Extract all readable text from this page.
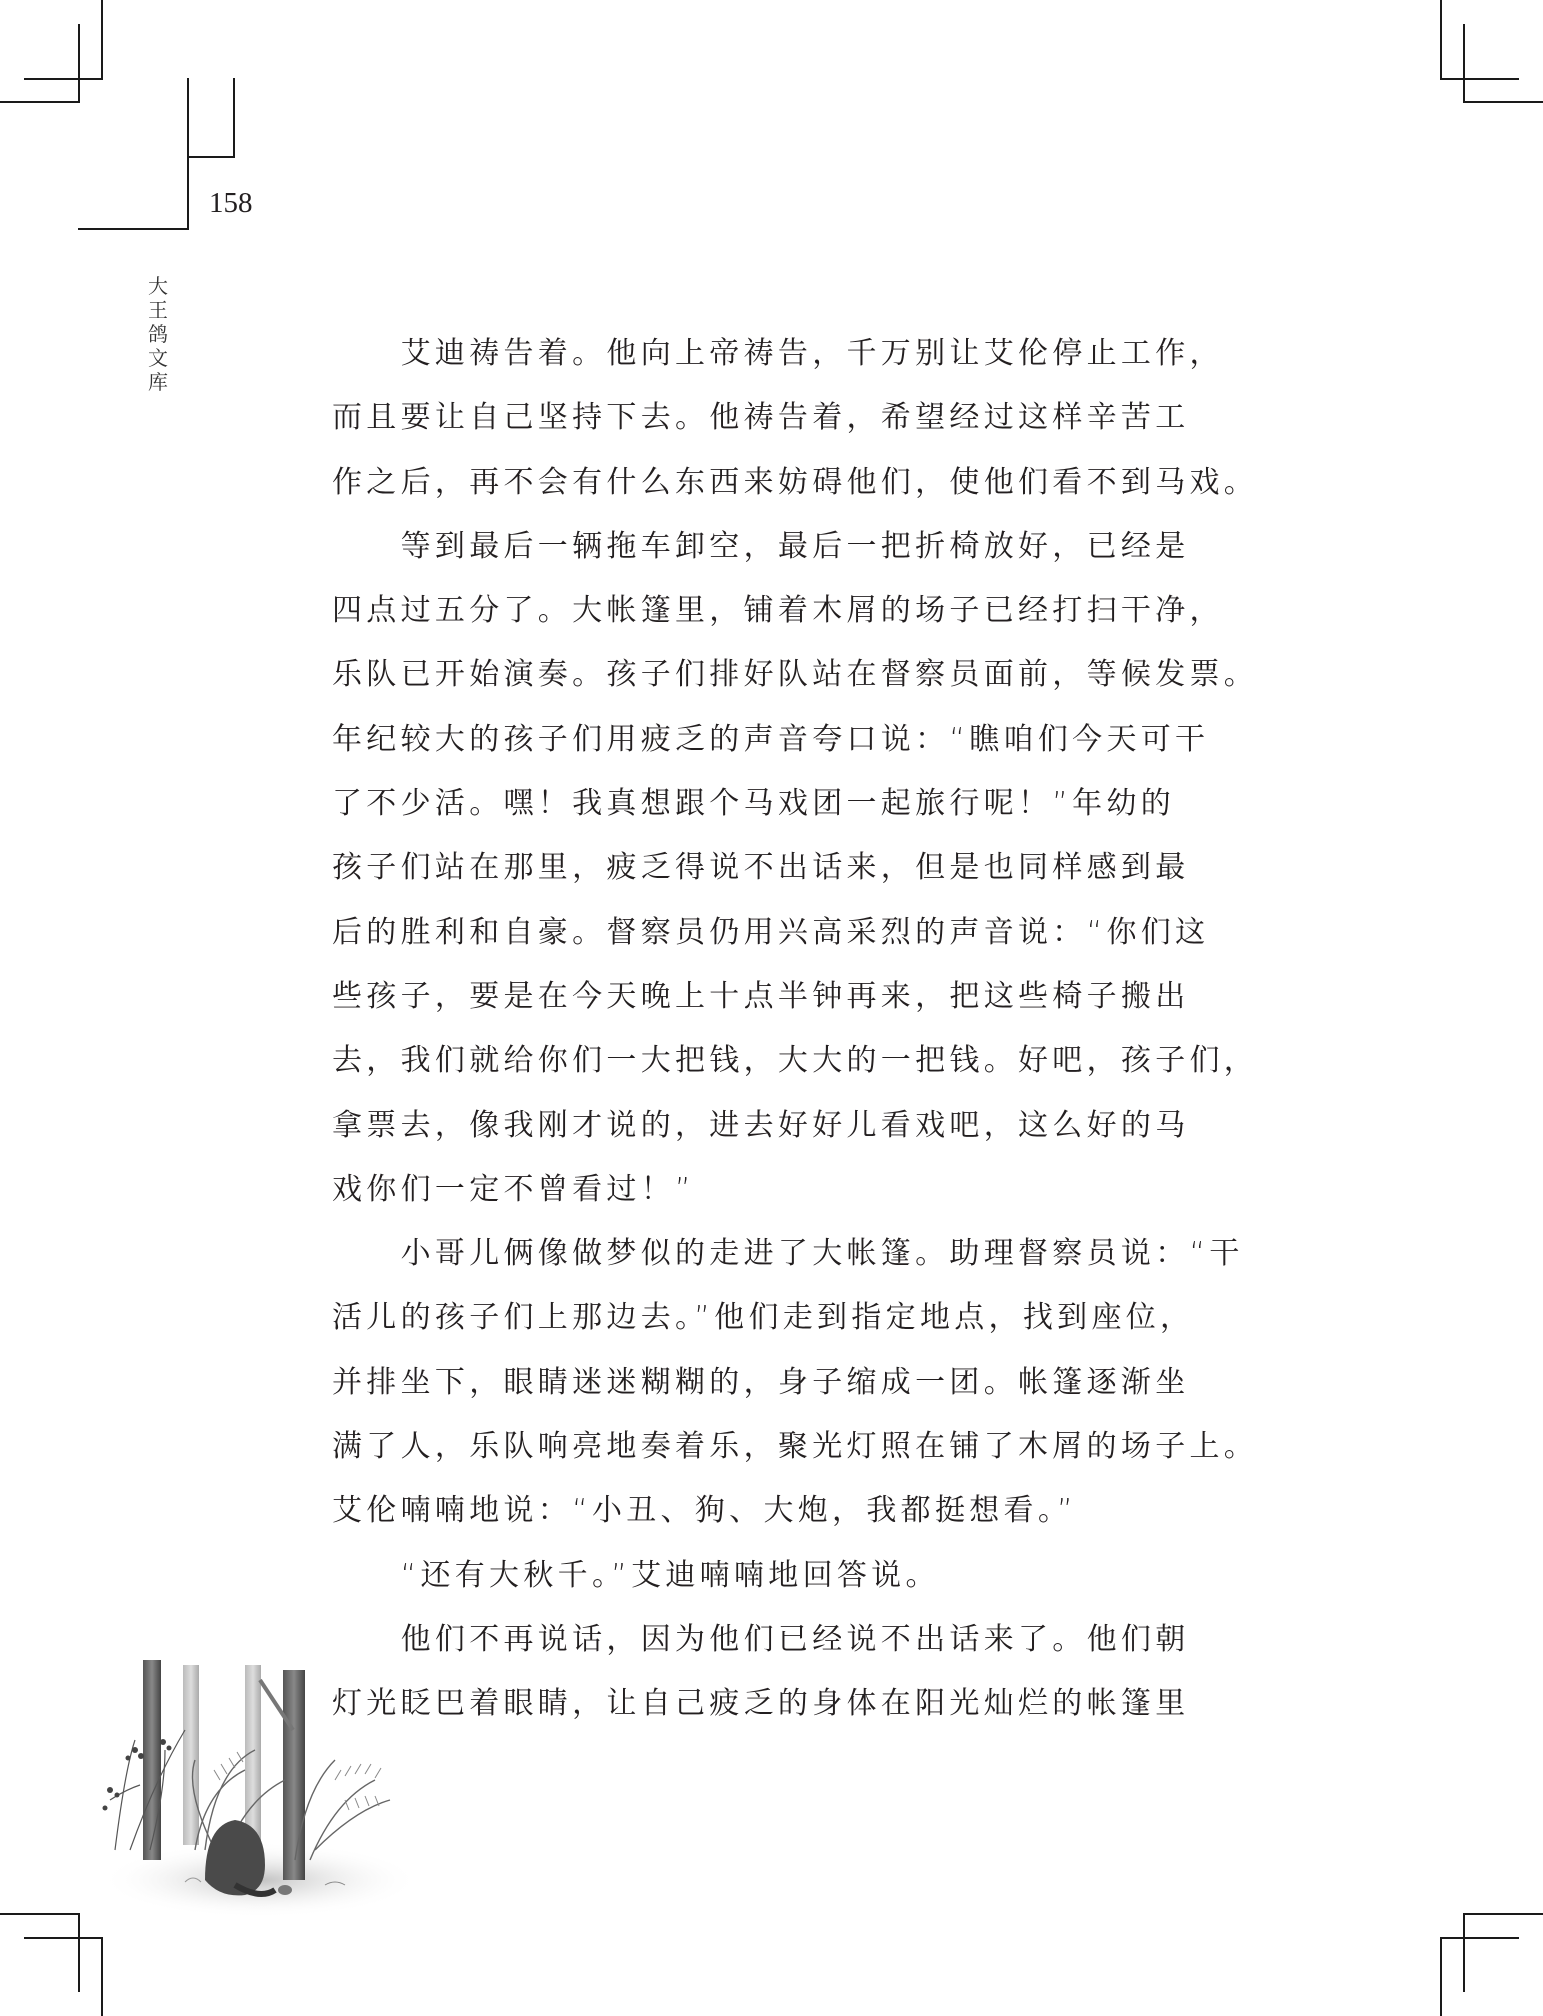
158
大
王
鸽
文
库
　　艾迪祷告着。他向上帝祷告，千万别让艾伦停止工作，
而且要让自己坚持下去。他祷告着，希望经过这样辛苦工
作之后，再不会有什么东西来妨碍他们，使他们看不到马戏。
　　等到最后一辆拖车卸空，最后一把折椅放好，已经是
四点过五分了。大帐篷里，铺着木屑的场子已经打扫干净，
乐队已开始演奏。孩子们排好队站在督察员面前，等候发票。
年纪较大的孩子们用疲乏的声音夸口说：“瞧咱们今天可干
了不少活。嘿！我真想跟个马戏团一起旅行呢！”年幼的
孩子们站在那里，疲乏得说不出话来，但是也同样感到最
后的胜利和自豪。督察员仍用兴高采烈的声音说：“你们这
些孩子，要是在今天晚上十点半钟再来，把这些椅子搬出
去，我们就给你们一大把钱，大大的一把钱。好吧，孩子们，
拿票去，像我刚才说的，进去好好儿看戏吧，这么好的马
戏你们一定不曾看过！”
　　小哥儿俩像做梦似的走进了大帐篷。助理督察员说：“干
活儿的孩子们上那边去。”他们走到指定地点，找到座位，
并排坐下，眼睛迷迷糊糊的，身子缩成一团。帐篷逐渐坐
满了人，乐队响亮地奏着乐，聚光灯照在铺了木屑的场子上。
艾伦喃喃地说：“小丑、狗、大炮，我都挺想看。”
　　“还有大秋千。”艾迪喃喃地回答说。
　　他们不再说话，因为他们已经说不出话来了。他们朝
灯光眨巴着眼睛，让自己疲乏的身体在阳光灿烂的帐篷里
